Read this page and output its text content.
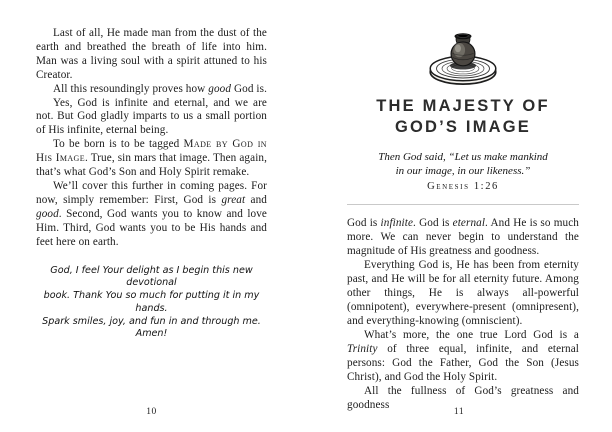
Last of all, He made man from the dust of the earth and breathed the breath of life into him. Man was a living soul with a spirit attuned to his Creator.

All this resoundingly proves how good God is.

Yes, God is infinite and eternal, and we are not. But God gladly imparts to us a small portion of His infinite, eternal being.

To be born is to be tagged Made by God in His Image. True, sin mars that image. Then again, that’s what God’s Son and Holy Spirit remake.

We’ll cover this further in coming pages. For now, simply remember: First, God is great and good. Second, God wants you to know and love Him. Third, God wants you to be His hands and feet here on earth.

God, I feel Your delight as I begin this new devotional
book. Thank You so much for putting it in my hands.
Spark smiles, joy, and fun in and through me. Amen!
10
THE MAJESTY OF
GOD’S IMAGE
Then God said, “Let us make mankind
in our image, in our likeness.”
Genesis 1:26

God is infinite. God is eternal. And He is so much more. We can never begin to understand the magnitude of His greatness and goodness.

Everything God is, He has been from eternity past, and He will be for all eternity future. Among other things, He is always all-powerful (omnipotent), everywhere-present (omnipresent), and everything-knowing (omniscient).

What’s more, the one true Lord God is a Trinity of three equal, infinite, and eternal persons: God the Father, God the Son (Jesus Christ), and God the Holy Spirit.

All the fullness of God’s greatness and goodness

11
